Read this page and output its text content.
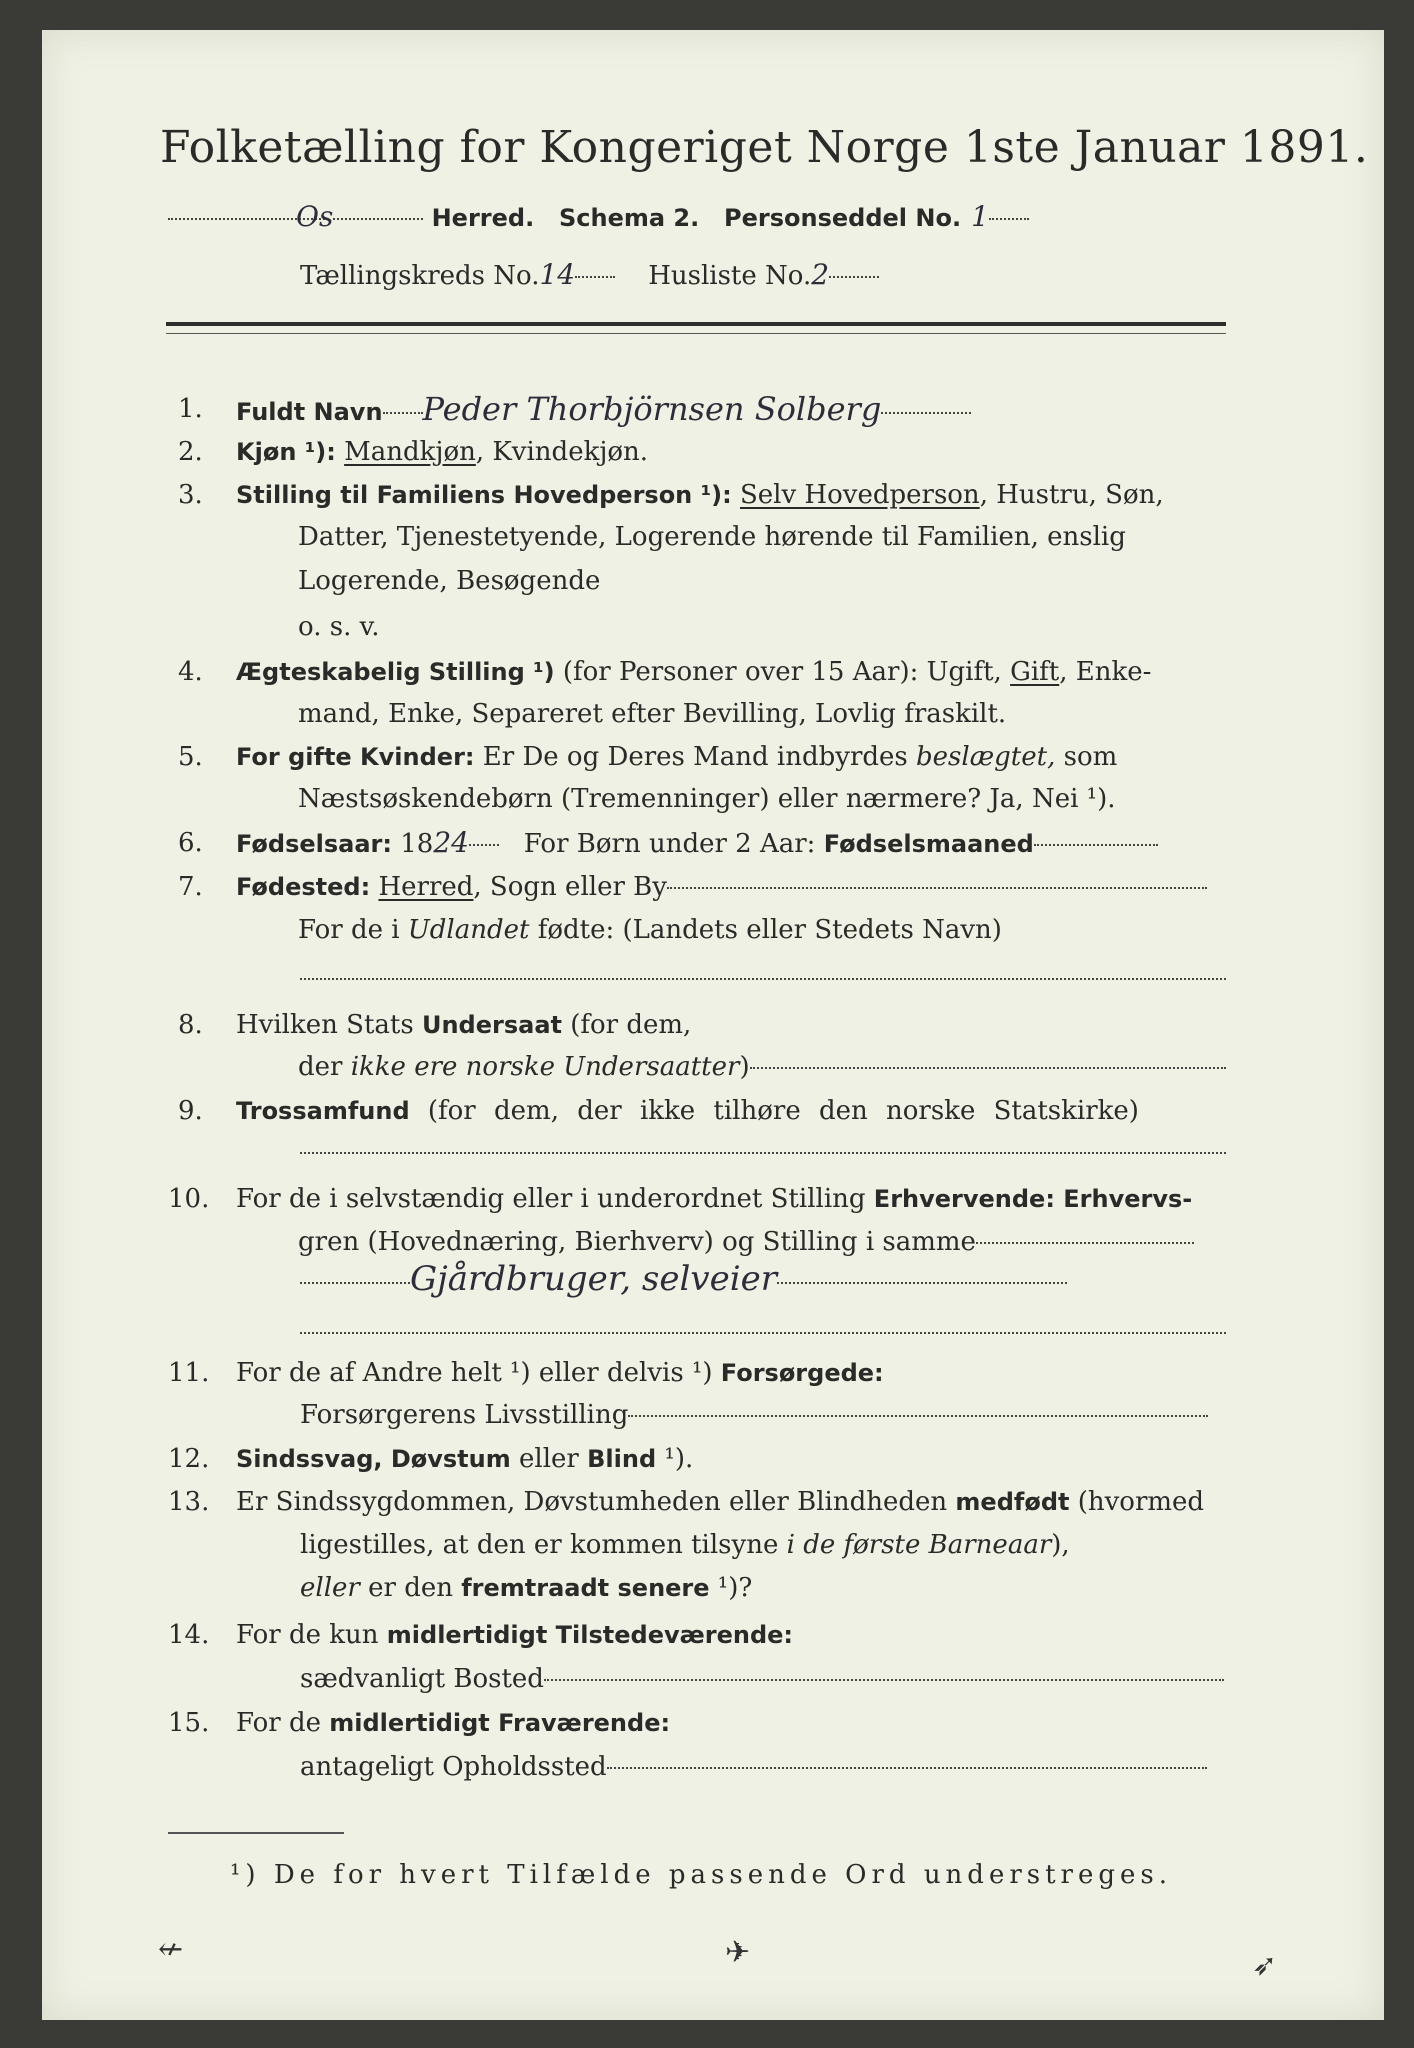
Folketælling for Kongeriget Norge 1ste Januar 1891.
Os	Herred. Schema 2. Personseddel No. 1
Tællingskreds No.14	Husliste No.2
1. Fuldt Navn Peder Thorbjörnsen Solberg
2. Kjøn ¹): Mandkjøn, Kvindekjøn.
3. Stilling til Familiens Hovedperson ¹): Selv Hovedperson, Hustru, Søn,
Datter, Tjenestetyende, Logerende hørende til Familien, enslig
Logerende, Besøgende
o. s. v.
4. Ægteskabelig Stilling ¹) (for Personer over 15 Aar): Ugift, Gift, Enke-
mand, Enke, Separeret efter Bevilling, Lovlig fraskilt.
5. For gifte Kvinder: Er De og Deres Mand indbyrdes beslægtet, som
Næstsøskendebørn (Tremenninger) eller nærmere? Ja, Nei ¹).
6. Fødselsaar: 1824 For Børn under 2 Aar: Fødselsmaaned
7. Fødested: Herred, Sogn eller By
For de i Udlandet fødte: (Landets eller Stedets Navn)
8. Hvilken Stats Undersaat (for dem,
der ikke ere norske Undersaatter)
9. Trossamfund (for dem, der ikke tilhøre den norske Statskirke)
10. For de i selvstændig eller i underordnet Stilling Erhvervende: Erhvervs-
gren (Hovednæring, Bierhverv) og Stilling i samme
Gjårdbruger, selveier
11. For de af Andre helt ¹) eller delvis ¹) Forsørgede:
Forsørgerens Livsstilling
12. Sindssvag, Døvstum eller Blind ¹).
13. Er Sindssygdommen, Døvstumheden eller Blindheden medfødt (hvormed
ligestilles, at den er kommen tilsyne i de første Barneaar),
eller er den fremtraadt senere ¹)?
14. For de kun midlertidigt Tilstedeværende:
sædvanligt Bosted
15. For de midlertidigt Fraværende:
antageligt Opholdssted
¹) De for hvert Tilfælde passende Ord understreges.
↚	✈	➶
